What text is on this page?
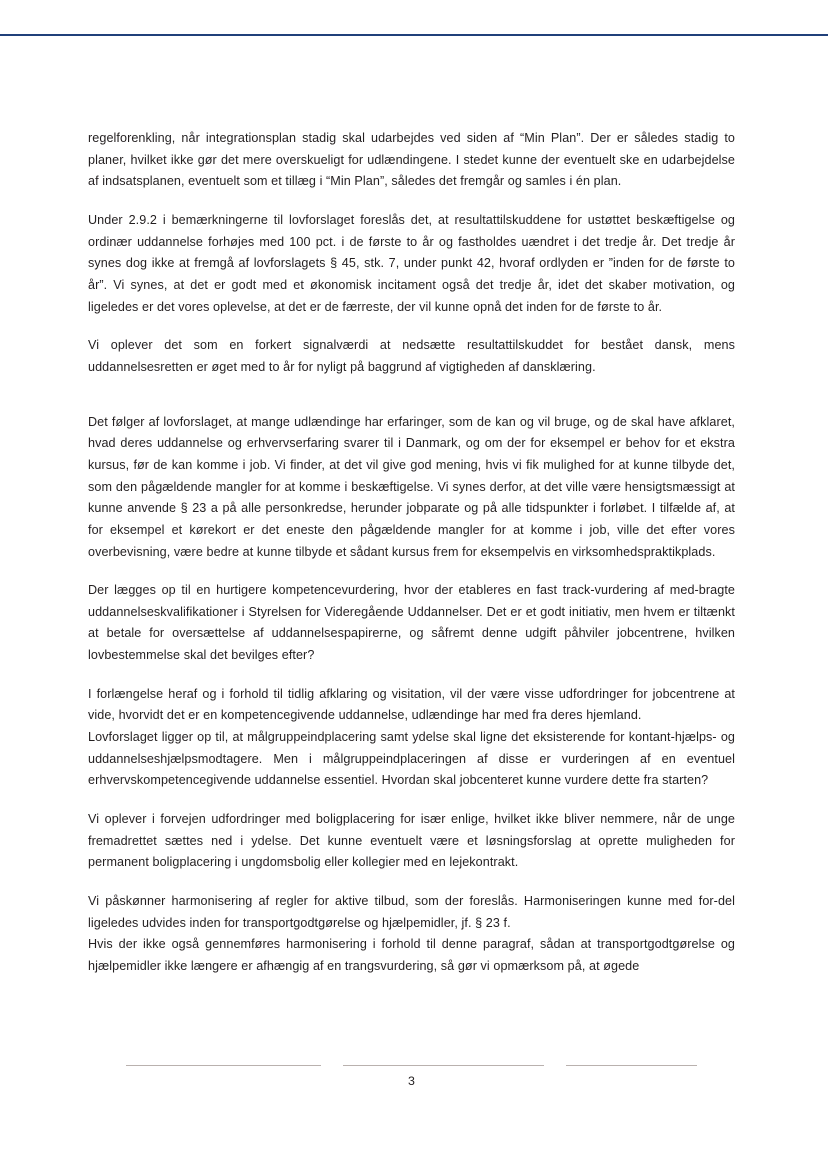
regelforenkling, når integrationsplan stadig skal udarbejdes ved siden af “Min Plan”. Der er således stadig to planer, hvilket ikke gør det mere overskueligt for udlændingene. I stedet kunne der eventuelt ske en udarbejdelse af indsatsplanen, eventuelt som et tillæg i “Min Plan”, således det fremgår og samles i én plan.

Under 2.9.2 i bemærkningerne til lovforslaget foreslås det, at resultattilskuddene for ustøttet beskæftigelse og ordinær uddannelse forhøjes med 100 pct. i de første to år og fastholdes uændret i det tredje år. Det tredje år synes dog ikke at fremgå af lovforslagets § 45, stk. 7, under punkt 42, hvoraf ordlyden er ”inden for de første to år”. Vi synes, at det er godt med et økonomisk incitament også det tredje år, idet det skaber motivation, og ligeledes er det vores oplevelse, at det er de færreste, der vil kunne opnå det inden for de første to år.

Vi oplever det som en forkert signalværdi at nedsætte resultattilskuddet for bestået dansk, mens uddannelsesretten er øget med to år for nyligt på baggrund af vigtigheden af dansklæring.

Det følger af lovforslaget, at mange udlændinge har erfaringer, som de kan og vil bruge, og de skal have afklaret, hvad deres uddannelse og erhvervserfaring svarer til i Danmark, og om der for eksempel er behov for et ekstra kursus, før de kan komme i job. Vi finder, at det vil give god mening, hvis vi fik mulighed for at kunne tilbyde det, som den pågældende mangler for at komme i beskæftigelse. Vi synes derfor, at det ville være hensigtsmæssigt at kunne anvende § 23 a på alle personkredse, herunder jobparate og på alle tidspunkter i forløbet. I tilfælde af, at for eksempel et kørekort er det eneste den pågældende mangler for at komme i job, ville det efter vores overbevisning, være bedre at kunne tilbyde et sådant kursus frem for eksempelvis en virksomhedspraktikplads.

Der lægges op til en hurtigere kompetencevurdering, hvor der etableres en fast track-vurdering af med-bragte uddannelseskvalifikationer i Styrelsen for Videregående Uddannelser. Det er et godt initiativ, men hvem er tiltænkt at betale for oversættelse af uddannelsespapirerne, og såfremt denne udgift påhviler jobcentrene, hvilken lovbestemmelse skal det bevilges efter?

I forlængelse heraf og i forhold til tidlig afklaring og visitation, vil der være visse udfordringer for jobcentrene at vide, hvorvidt det er en kompetencegivende uddannelse, udlændinge har med fra deres hjemland.

Lovforslaget ligger op til, at målgruppeindplacering samt ydelse skal ligne det eksisterende for kontant-hjælps- og uddannelseshjælpsmodtagere. Men i målgruppeindplaceringen af disse er vurderingen af en eventuel erhvervskompetencegivende uddannelse essentiel. Hvordan skal jobcenteret kunne vurdere dette fra starten?

Vi oplever i forvejen udfordringer med boligplacering for især enlige, hvilket ikke bliver nemmere, når de unge fremadrettet sættes ned i ydelse. Det kunne eventuelt være et løsningsforslag at oprette muligheden for permanent boligplacering i ungdomsbolig eller kollegier med en lejekontrakt.

Vi påskønner harmonisering af regler for aktive tilbud, som der foreslås. Harmoniseringen kunne med for-del ligeledes udvides inden for transportgodtgørelse og hjælpemidler, jf. § 23 f.

Hvis der ikke også gennemføres harmonisering i forhold til denne paragraf, sådan at transportgodtgørelse og hjælpemidler ikke længere er afhængig af en trangsvurdering, så gør vi opmærksom på, at øgede

3
